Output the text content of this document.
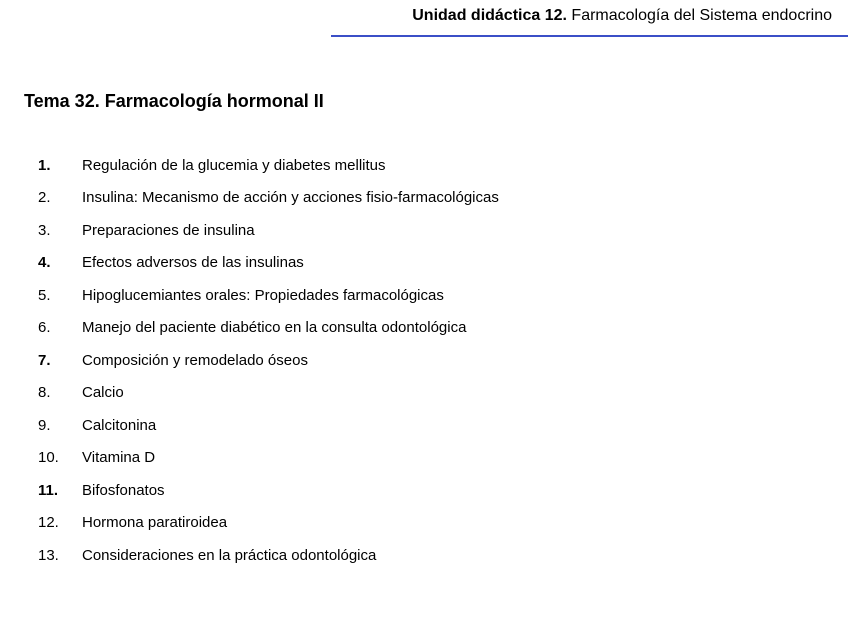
Unidad didáctica 12. Farmacología del Sistema endocrino
Tema 32. Farmacología hormonal II
1.	Regulación de la glucemia y diabetes mellitus
2.	Insulina: Mecanismo de acción y acciones fisio-farmacológicas
3.	Preparaciones de insulina
4.	Efectos adversos de las insulinas
5.	Hipoglucemiantes orales: Propiedades farmacológicas
6.	Manejo del paciente diabético en la consulta odontológica
7.	Composición y remodelado óseos
8.	Calcio
9.	Calcitonina
10.	Vitamina D
11.	Bifosfonatos
12.	Hormona paratiroidea
13.	Consideraciones en la práctica odontológica
